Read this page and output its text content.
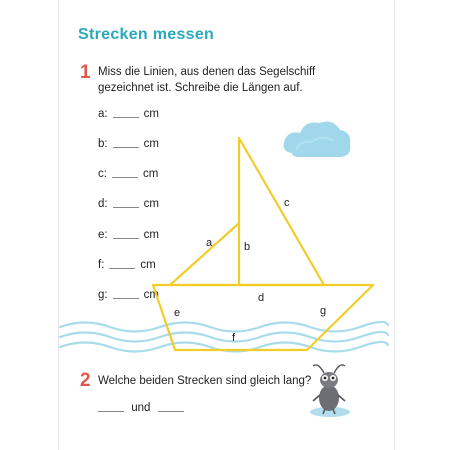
Strecken messen
1 Miss die Linien, aus denen das Segelschiff
gezeichnet ist. Schreibe die Längen auf.
a:	cm
b:	cm
c:	cm
d:	cm
e:	cm
f:	cm
g:	cm
a	b
c
d
e
f
g
2 Welche beiden Strecken sind gleich lang?
und
